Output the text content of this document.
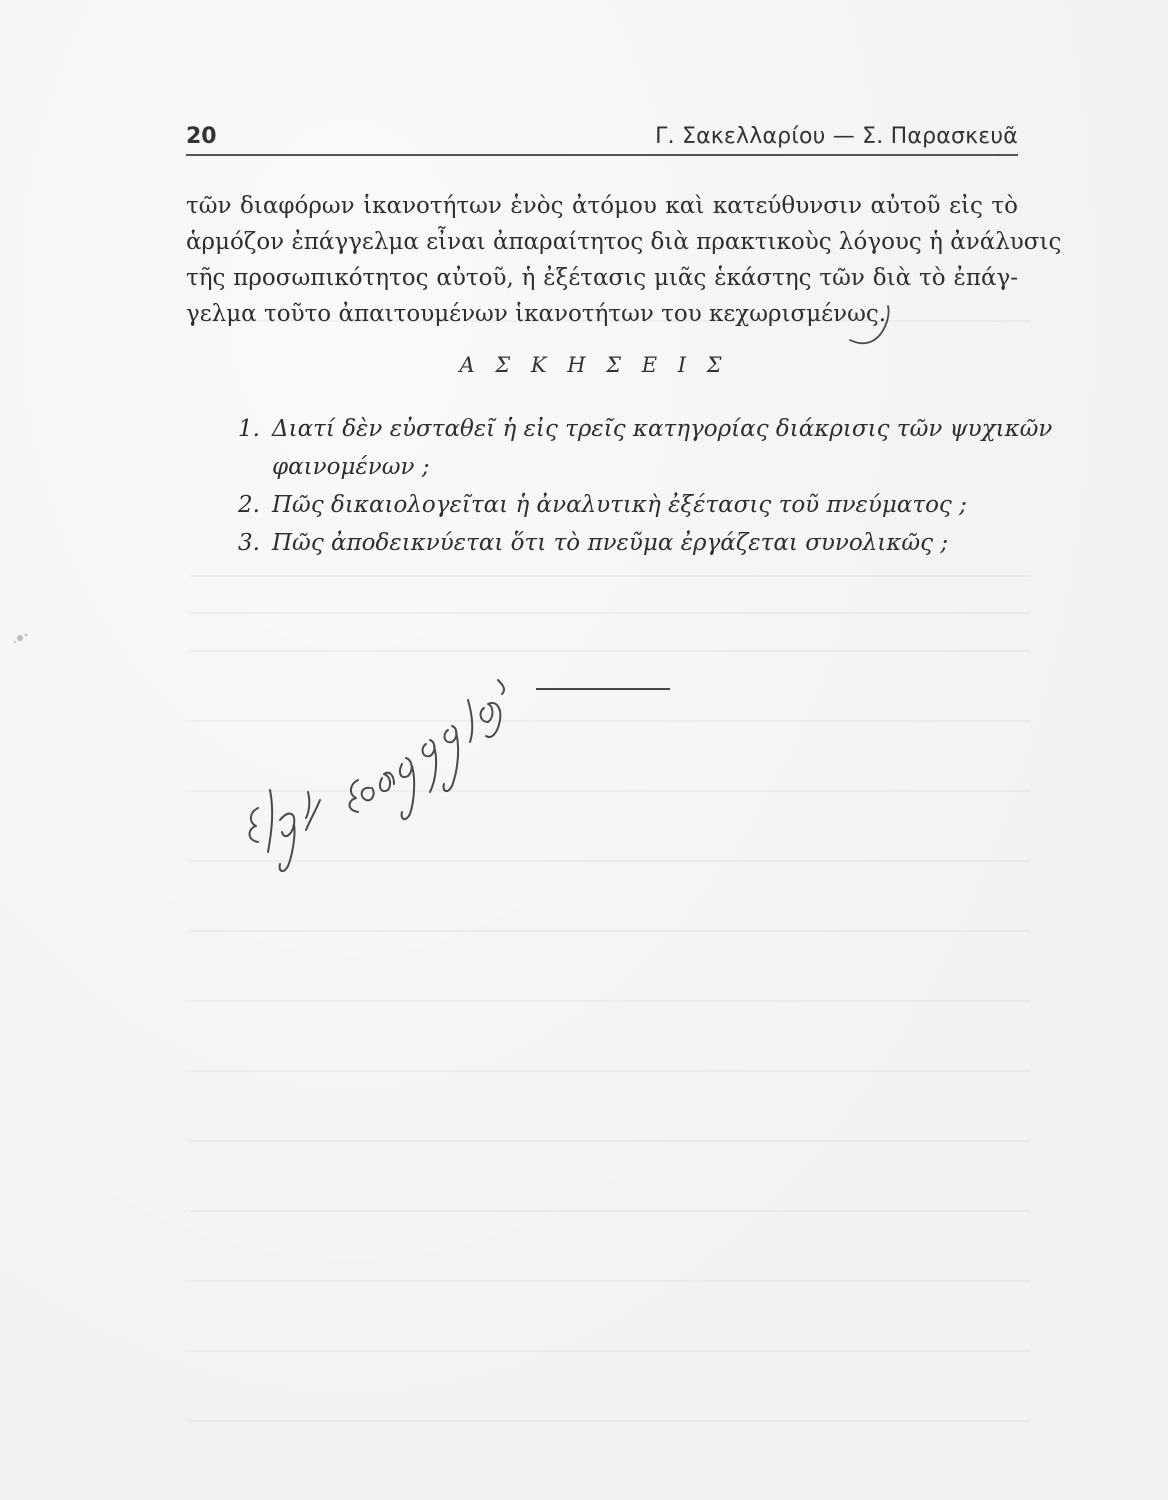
20	Γ. Σακελλαρίου — Σ. Παρασκευᾶ
τῶν διαφόρων ἱκανοτήτων ἑνὸς ἀτόμου καὶ κατεύθυνσιν αὐτοῦ εἰς τὸ
ἁρμόζον ἐπάγγελμα εἶναι ἀπαραίτητος διὰ πρακτικοὺς λόγους ἡ ἀνάλυσις
τῆς προσωπικότητος αὐτοῦ, ἡ ἐξέτασις μιᾶς ἑκάστης τῶν διὰ τὸ ἐπάγ-
γελμα τοῦτο ἀπαιτουμένων ἱκανοτήτων του κεχωρισμένως.
Α Σ Κ Η Σ Ε Ι Σ
1. Διατί δὲν εὐσταθεῖ ἡ εἰς τρεῖς κατηγορίας διάκρισις τῶν ψυχικῶν
φαινομένων ;
2. Πῶς δικαιολογεῖται ἡ ἀναλυτικὴ ἐξέτασις τοῦ πνεύματος ;
3. Πῶς ἀποδεικνύεται ὅτι τὸ πνεῦμα ἐργάζεται συνολικῶς ;
Ἔξι εἰσαγωγή
